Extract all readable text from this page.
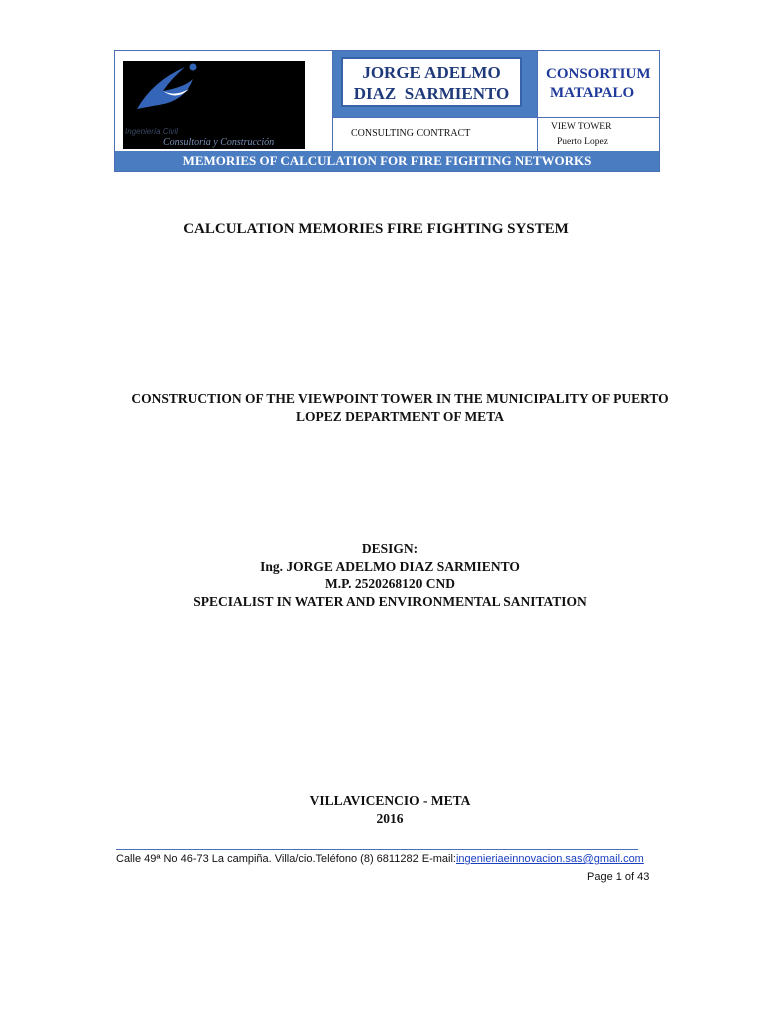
Ingeniería Civil
Consultoría y Construcción
JORGE ADELMO
DIAZ  SARMIENTO
CONSORTIUM
MATAPALO
CONSULTING CONTRACT
VIEW TOWER
Puerto Lopez
MEMORIES OF CALCULATION FOR FIRE FIGHTING NETWORKS
CALCULATION MEMORIES FIRE FIGHTING SYSTEM
CONSTRUCTION OF THE VIEWPOINT TOWER IN THE MUNICIPALITY OF PUERTO
LOPEZ DEPARTMENT OF META
DESIGN:
Ing. JORGE ADELMO DIAZ SARMIENTO
M.P. 2520268120 CND
SPECIALIST IN WATER AND ENVIRONMENTAL SANITATION
VILLAVICENCIO - META
2016
Calle 49ª No 46-73 La campiña. Villa/cio.Teléfono (8) 6811282 E-mail:ingenieriaeinnovacion.sas@gmail.com
Page 1 of 43
